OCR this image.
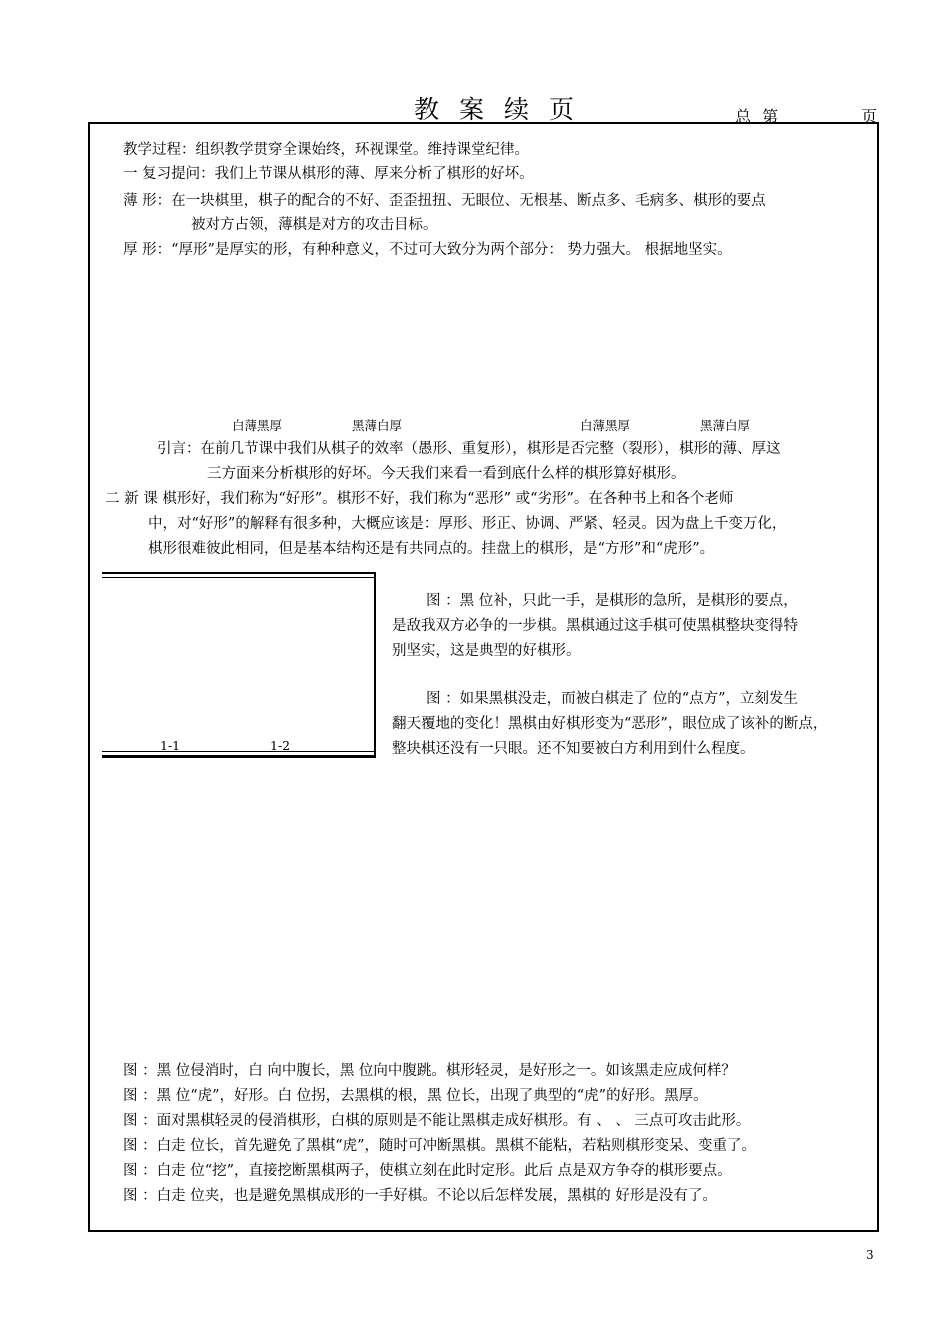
教案续页	总 第	页
教学过程：组织教学贯穿全课始终，环视课堂。维持课堂纪律。
一 复习提问：我们上节课从棋形的薄、厚来分析了棋形的好坏。
薄 形：在一块棋里，棋子的配合的不好、歪歪扭扭、无眼位、无根基、断点多、毛病多、棋形的要点
被对方占领，薄棋是对方的攻击目标。
厚 形：“厚形”是厚实的形，有种种意义，不过可大致分为两个部分： 势力强大。 根据地坚实。
白薄黑厚	黑薄白厚	白薄黑厚	黑薄白厚
引言：在前几节课中我们从棋子的效率（愚形、重复形），棋形是否完整（裂形），棋形的薄、厚这
三方面来分析棋形的好坏。今天我们来看一看到底什么样的棋形算好棋形。
二 新 课 棋形好，我们称为“好形”。棋形不好，我们称为“恶形” 或“劣形”。在各种书上和各个老师
中，对“好形”的解释有很多种，大概应该是：厚形、形正、协调、严紧、轻灵。因为盘上千变万化，
棋形很难彼此相同，但是基本结构还是有共同点的。挂盘上的棋形，是“方形”和“虎形”。
1-1	1-2
图 ：黑 位补，只此一手，是棋形的急所，是棋形的要点，
是敌我双方必争的一步棋。黑棋通过这手棋可使黑棋整块变得特
别坚实，这是典型的好棋形。
图 ：如果黑棋没走，而被白棋走了 位的“点方”，立刻发生
翻天覆地的变化！黑棋由好棋形变为“恶形”，眼位成了该补的断点，
整块棋还没有一只眼。还不知要被白方利用到什么程度。
图 ：黑 位侵消时，白 向中腹长，黑 位向中腹跳。棋形轻灵，是好形之一。如该黑走应成何样？
图 ：黑 位“虎”，好形。白 位拐，去黑棋的根，黑 位长，出现了典型的“虎”的好形。黑厚。
图 ：面对黑棋轻灵的侵消棋形，白棋的原则是不能让黑棋走成好棋形。有 、 、 三点可攻击此形。
图 ：白走 位长，首先避免了黑棋“虎”，随时可冲断黑棋。黑棋不能粘，若粘则棋形变呆、变重了。
图 ：白走 位“挖”，直接挖断黑棋两子，使棋立刻在此时定形。此后 点是双方争夺的棋形要点。
图 ：白走 位夹，也是避免黑棋成形的一手好棋。不论以后怎样发展，黑棋的 好形是没有了。
3
